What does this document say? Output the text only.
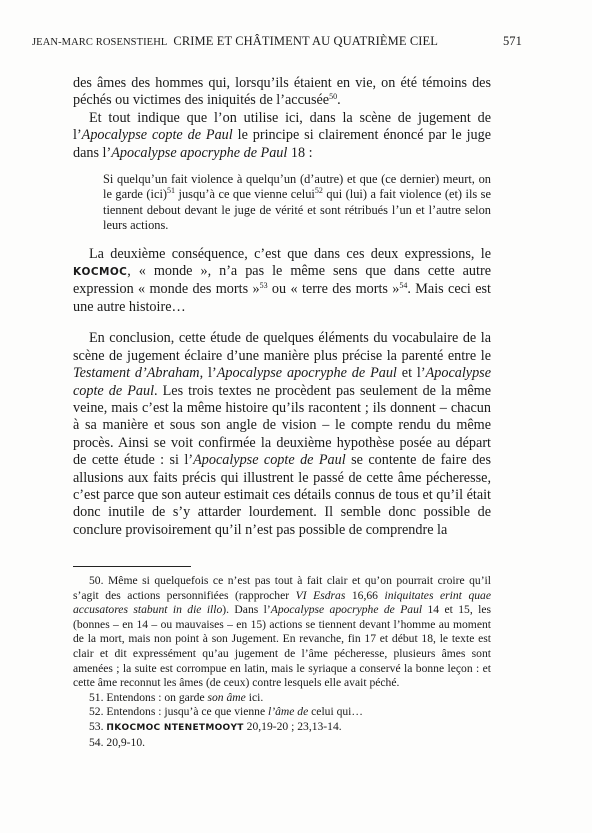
JEAN-MARC ROSENSTIEHL CRIME ET CHÂTIMENT AU QUATRIÈME CIEL	571

des âmes des hommes qui, lorsqu’ils étaient en vie, on été témoins des péchés ou victimes des iniquités de l’accusée$^{50}$.

Et tout indique que l’on utilise ici, dans la scène de jugement de l’Apocalypse copte de Paul le principe si clairement énoncé par le juge dans l’Apocalypse apocryphe de Paul 18 :

Si quelqu’un fait violence à quelqu’un (d’autre) et que (ce dernier) meurt, on le garde (ici)$^{51}$ jusqu’à ce que vienne celui$^{52}$ qui (lui) a fait violence (et) ils se tiennent debout devant le juge de vérité et sont rétribués l’un et l’autre selon leurs actions.

La deuxième conséquence, c’est que dans ces deux expressions, le ΚΟCΜΟC, « monde », n’a pas le même sens que dans cette autre expression « monde des morts »$^{53}$ ou « terre des morts »$^{54}$. Mais ceci est une autre histoire…

En conclusion, cette étude de quelques éléments du vocabulaire de la scène de jugement éclaire d’une manière plus précise la parenté entre le Testament d’Abraham, l’Apocalypse apocryphe de Paul et l’Apocalypse copte de Paul. Les trois textes ne procèdent pas seulement de la même veine, mais c’est la même histoire qu’ils racontent ; ils donnent – chacun à sa manière et sous son angle de vision – le compte rendu du même procès. Ainsi se voit confirmée la deuxième hypothèse posée au départ de cette étude : si l’Apocalypse copte de Paul se contente de faire des allusions aux faits précis qui illustrent le passé de cette âme pécheresse, c’est parce que son auteur estimait ces détails connus de tous et qu’il était donc inutile de s’y attarder lourdement. Il semble donc possible de conclure provisoirement qu’il n’est pas possible de comprendre la

50. Même si quelquefois ce n’est pas tout à fait clair et qu’on pourrait croire qu’il s’agit des actions personnifiées (rapprocher VI Esdras 16,66 iniquitates erint quae accusatores stabunt in die illo). Dans l’Apocalypse apocryphe de Paul 14 et 15, les (bonnes – en 14 – ou mauvaises – en 15) actions se tiennent devant l’homme au moment de la mort, mais non point à son Jugement. En revanche, fin 17 et début 18, le texte est clair et dit expressément qu’au jugement de l’âme pécheresse, plusieurs âmes sont amenées ; la suite est corrompue en latin, mais le syriaque a conservé la bonne leçon : et cette âme reconnut les âmes (de ceux) contre lesquels elle avait péché.

51. Entendons : on garde son âme ici.

52. Entendons : jusqu’à ce que vienne l’âme de celui qui…

53. ΠΚΟCΜΟC ΝΤΕΝΕΤΜΟΟΥΤ 20,19-20 ; 23,13-14.

54. 20,9-10.
